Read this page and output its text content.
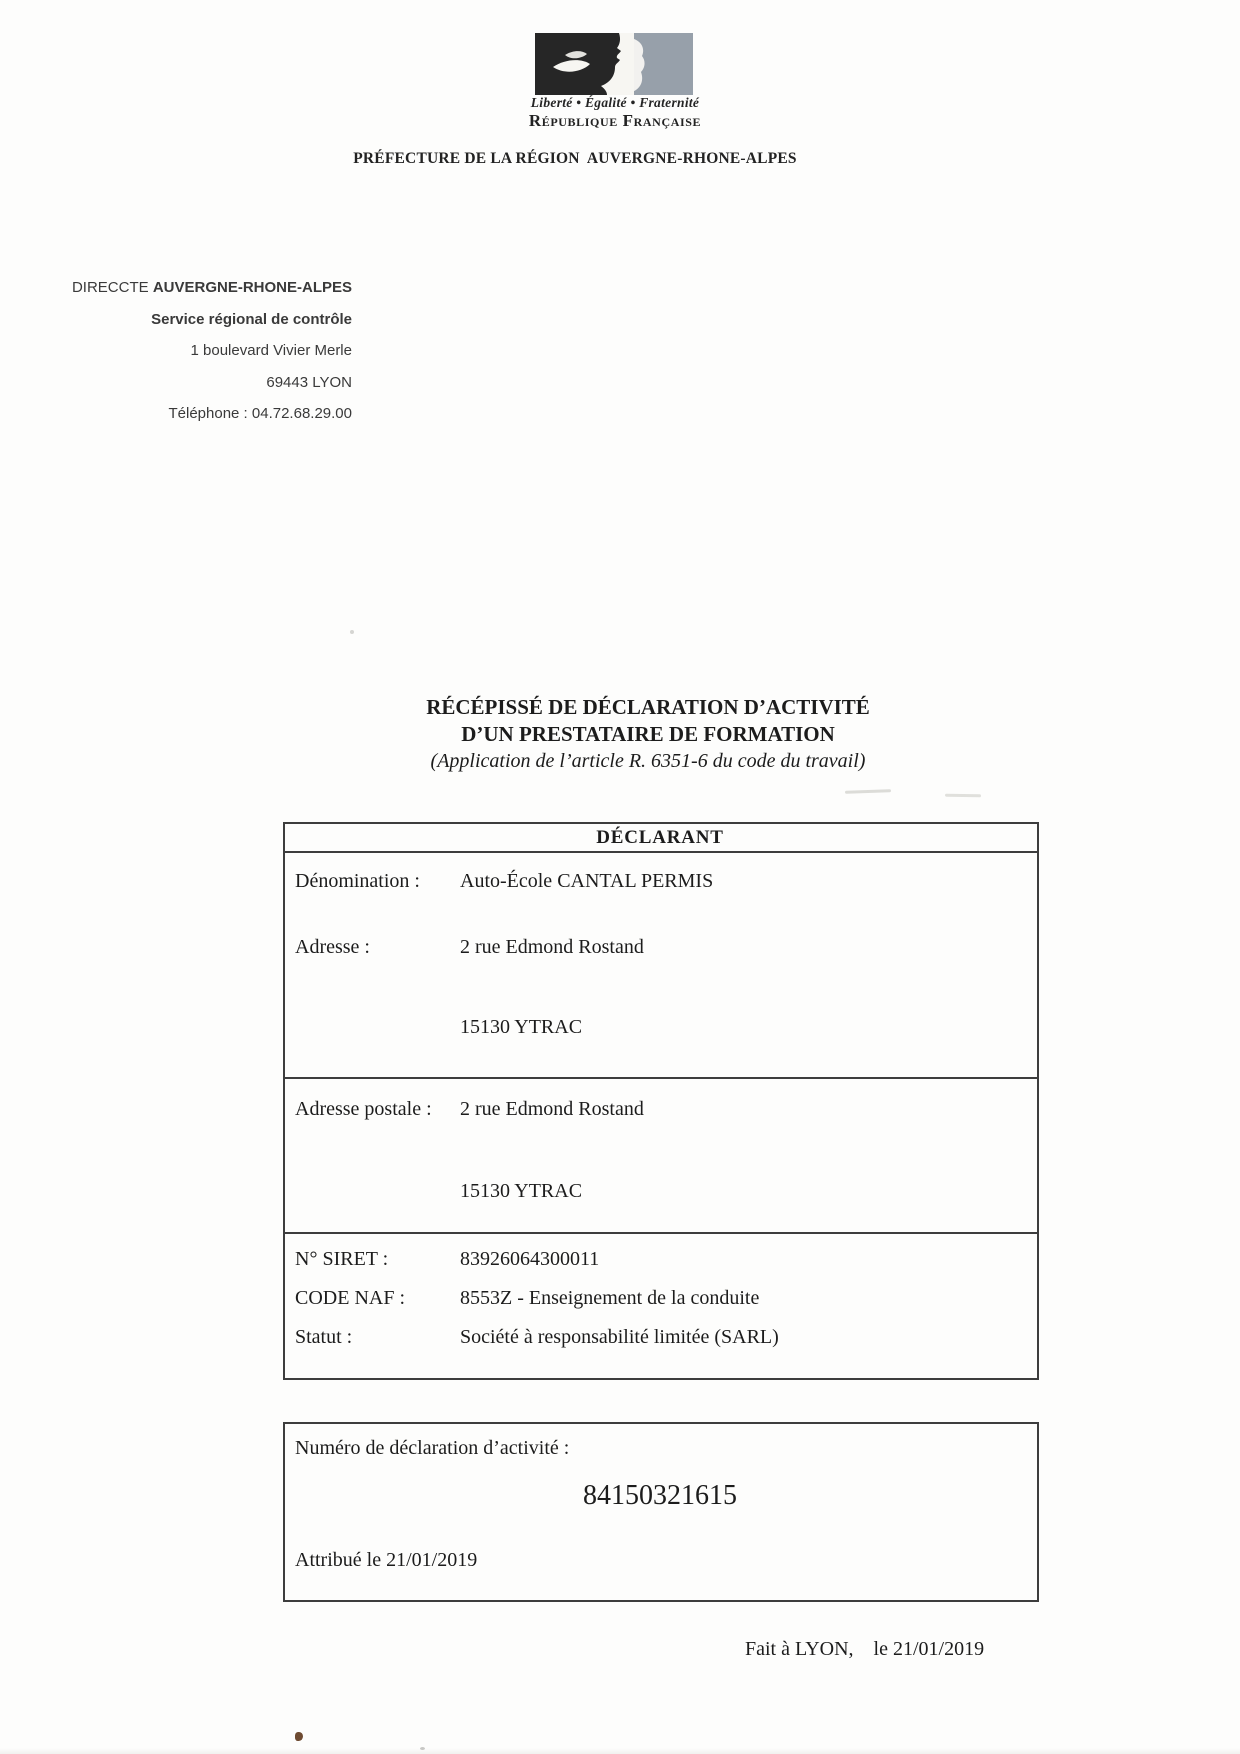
Liberté • Égalité • Fraternité
République Française
PRÉFECTURE DE LA RÉGION  AUVERGNE-RHONE-ALPES
DIRECCTE AUVERGNE-RHONE-ALPES
Service régional de contrôle
1 boulevard Vivier Merle
69443 LYON
Téléphone : 04.72.68.29.00
RÉCÉPISSÉ DE DÉCLARATION D’ACTIVITÉ
D’UN PRESTATAIRE DE FORMATION
(Application de l’article R. 6351-6 du code du travail)
DÉCLARANT
Dénomination : Auto-École CANTAL PERMIS
Adresse :	2 rue Edmond Rostand
15130 YTRAC
Adresse postale : 2 rue Edmond Rostand
15130 YTRAC
N° SIRET :	83926064300011
CODE NAF :	8553Z - Enseignement de la conduite
Statut :	Société à responsabilité limitée (SARL)
Numéro de déclaration d’activité :
84150321615
Attribué le 21/01/2019
Fait à LYON,    le 21/01/2019
